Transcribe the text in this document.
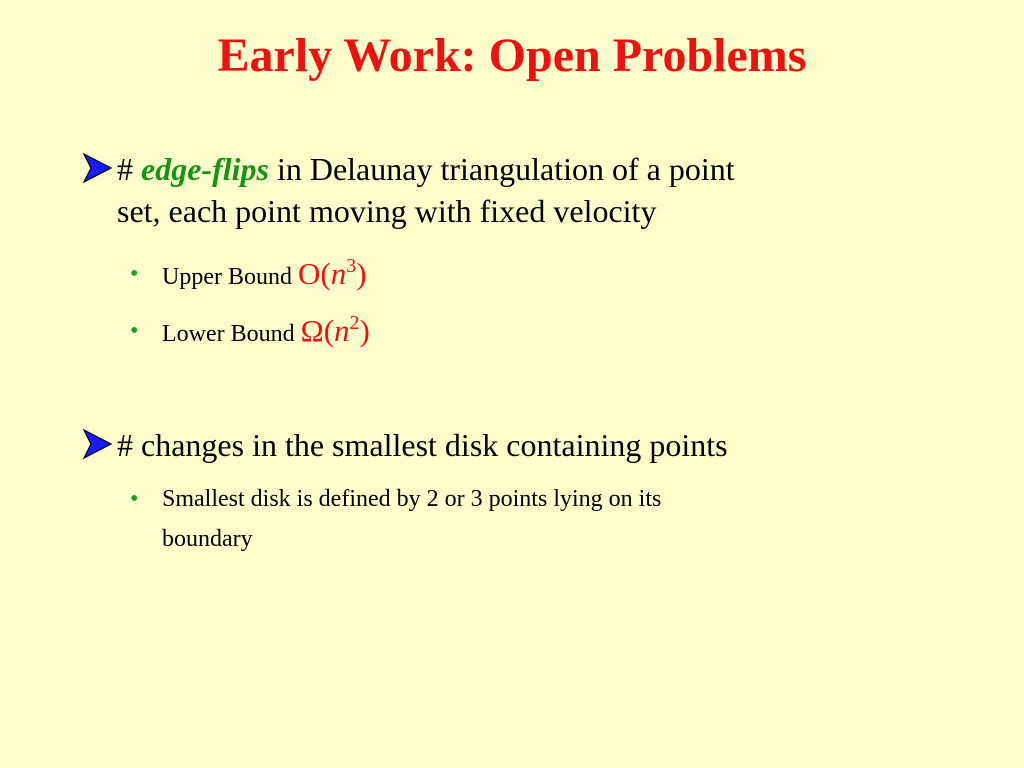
Early Work: Open Problems
# edge-flips in Delaunay triangulation of a point
set, each point moving with fixed velocity
• Upper Bound $O(n^3)$
• Lower Bound $\Omega(n^2)$
# changes in the smallest disk containing points
• Smallest disk is defined by 2 or 3 points lying on its
boundary
